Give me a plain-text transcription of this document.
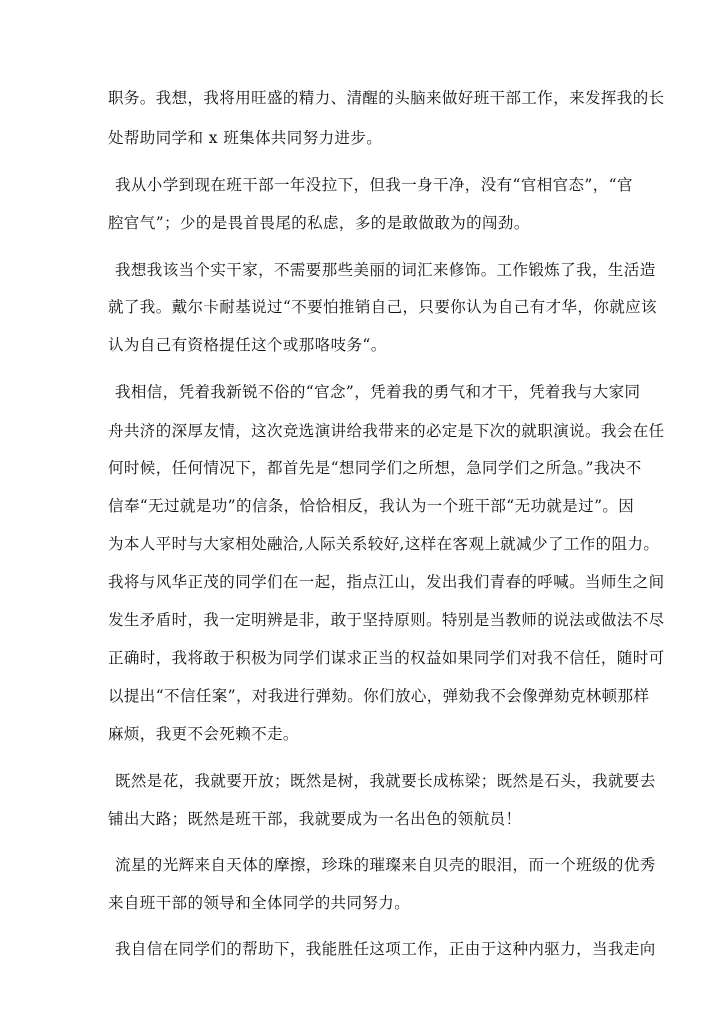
职务。我想，我将用旺盛的精力、清醒的头脑来做好班干部工作，来发挥我的长
处帮助同学和 x 班集体共同努力进步。
我从小学到现在班干部一年没拉下，但我一身干净，没有“官相官态”，“官
腔官气”；少的是畏首畏尾的私虑，多的是敢做敢为的闯劲。
我想我该当个实干家，不需要那些美丽的词汇来修饰。工作锻炼了我，生活造
就了我。戴尔卡耐基说过“不要怕推销自己，只要你认为自己有才华，你就应该
认为自己有资格提任这个或那咯吱务“。
我相信，凭着我新锐不俗的“官念”，凭着我的勇气和才干，凭着我与大家同
舟共济的深厚友情，这次竞选演讲给我带来的必定是下次的就职演说。我会在任
何时候，任何情况下，都首先是“想同学们之所想，急同学们之所急。”我决不
信奉“无过就是功”的信条，恰恰相反，我认为一个班干部“无功就是过”。因
为本人平时与大家相处融洽,人际关系较好,这样在客观上就减少了工作的阻力。
我将与风华正茂的同学们在一起，指点江山，发出我们青春的呼喊。当师生之间
发生矛盾时，我一定明辨是非，敢于坚持原则。特别是当教师的说法或做法不尽
正确时，我将敢于积极为同学们谋求正当的权益如果同学们对我不信任，随时可
以提出“不信任案”，对我进行弹劾。你们放心，弹劾我不会像弹劾克林顿那样
麻烦，我更不会死赖不走。
既然是花，我就要开放；既然是树，我就要长成栋梁；既然是石头，我就要去
铺出大路；既然是班干部，我就要成为一名出色的领航员！
流星的光辉来自天体的摩擦，珍珠的璀璨来自贝壳的眼泪，而一个班级的优秀
来自班干部的领导和全体同学的共同努力。
我自信在同学们的帮助下，我能胜任这项工作，正由于这种内驱力，当我走向
